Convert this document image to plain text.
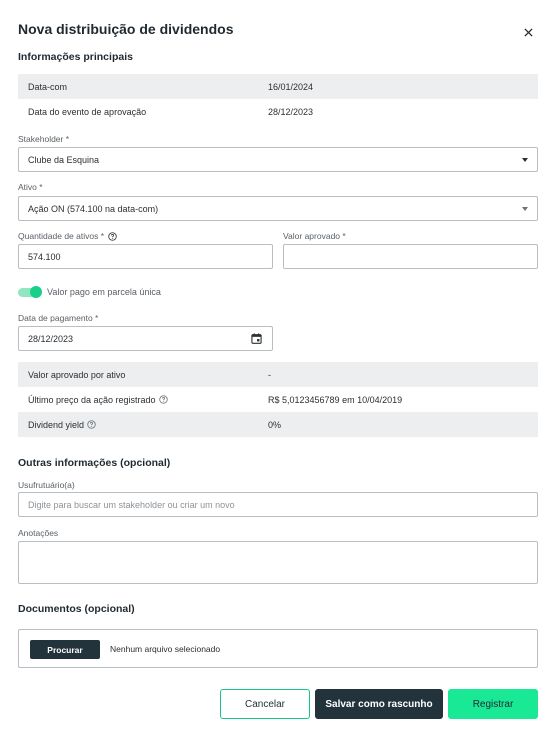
Nova distribuição de dividendos
Informações principais
Data-com	16/01/2024
Data do evento de aprovação	28/12/2023
Stakeholder *
Clube da Esquina
Ativo *
Ação ON (574.100 na data-com)
Quantidade de ativos *
574.100
Valor aprovado *
Valor pago em parcela única
Data de pagamento *
28/12/2023
Valor aprovado por ativo	-
Último preço da ação registrado	R$ 5,0123456789 em 10/04/2019
Dividend yield	0%
Outras informações (opcional)
Usufrutuário(a)
Digite para buscar um stakeholder ou criar um novo
Anotações
Documentos (opcional)
Procurar	Nenhum arquivo selecionado
Cancelar	Salvar como rascunho	Registrar
